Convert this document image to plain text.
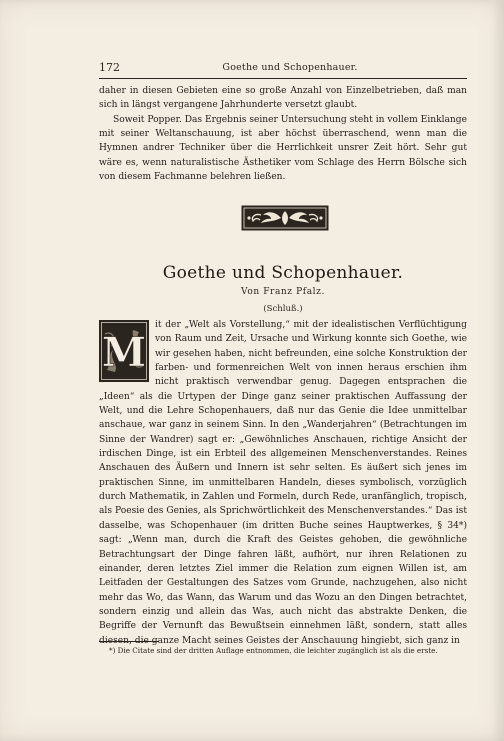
172	Goethe und Schopenhauer.

daher in diesen Gebieten eine so große Anzahl von Einzelbetrieben, daß man sich in längst vergangene Jahrhunderte versetzt glaubt.

Soweit Popper. Das Ergebnis seiner Untersuchung steht in vollem Einklange mit seiner Weltanschauung, ist aber höchst überraschend, wenn man die Hymnen andrer Techniker über die Herrlichkeit unsrer Zeit hört. Sehr gut wäre es, wenn naturalistische Ästhetiker vom Schlage des Herrn Bölsche sich von diesem Fachmanne belehren ließen.

Goethe und Schopenhauer.
Von Franz Pfalz.
(Schluß.)
M

it der „Welt als Vorstellung,“ mit der idealistischen Verflüchtigung von Raum und Zeit, Ursache und Wirkung konnte sich Goethe, wie wir gesehen haben, nicht befreunden, eine solche Konstruktion der farben- und formenreichen Welt von innen heraus erschien ihm nicht praktisch verwendbar genug. Dagegen entsprachen die „Ideen“ als die Urtypen der Dinge ganz seiner praktischen Auffassung der Welt, und die Lehre Schopenhauers, daß nur das Genie die Idee unmittelbar anschaue, war ganz in seinem Sinn. In den „Wanderjahren“ (Betrachtungen im Sinne der Wandrer) sagt er: „Gewöhnliches Anschauen, richtige Ansicht der irdischen Dinge, ist ein Erbteil des allgemeinen Menschenverstandes. Reines Anschauen des Äußern und Innern ist sehr selten. Es äußert sich jenes im praktischen Sinne, im unmittelbaren Handeln, dieses symbolisch, vorzüglich durch Mathematik, in Zahlen und Formeln, durch Rede, uranfänglich, tropisch, als Poesie des Genies, als Sprichwörtlichkeit des Menschenverstandes.“ Das ist dasselbe, was Schopenhauer (im dritten Buche seines Hauptwerkes, § 34*) sagt: „Wenn man, durch die Kraft des Geistes gehoben, die gewöhnliche Betrachtungsart der Dinge fahren läßt, aufhört, nur ihren Relationen zu einander, deren letztes Ziel immer die Relation zum eignen Willen ist, am Leitfaden der Gestaltungen des Satzes vom Grunde, nachzugehen, also nicht mehr das Wo, das Wann, das Warum und das Wozu an den Dingen betrachtet, sondern einzig und allein das Was, auch nicht das abstrakte Denken, die Begriffe der Vernunft das Bewußtsein einnehmen läßt, sondern, statt alles diesen, die ganze Macht seines Geistes der Anschauung hingiebt, sich ganz in

*) Die Citate sind der dritten Auflage entnommen, die leichter zugänglich ist als die erste.
